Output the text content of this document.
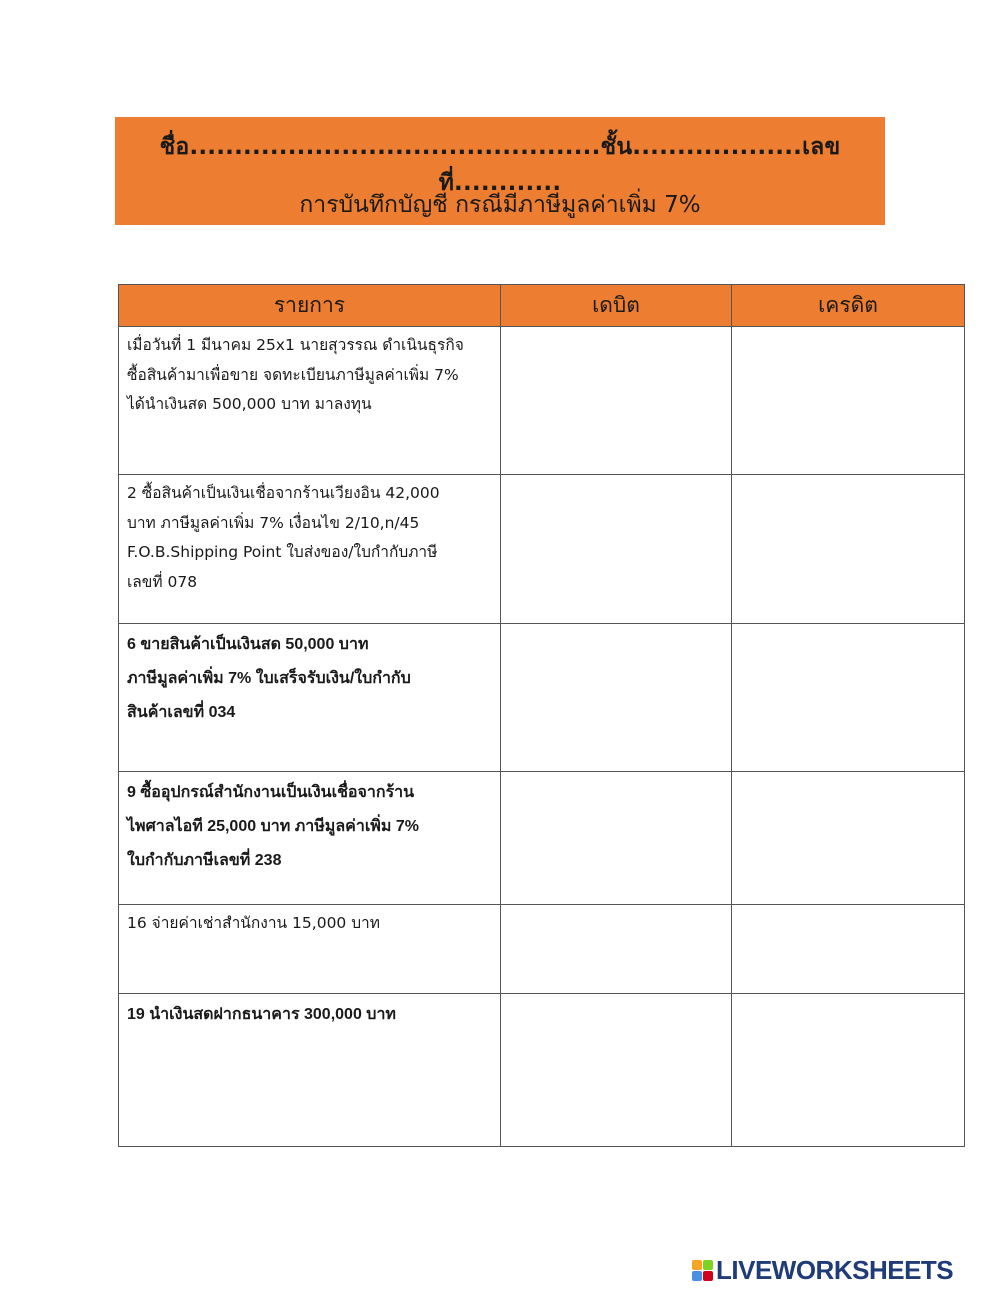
ชื่อ..............................................ชั้น...................เลขที่............
การบันทึกบัญชี กรณีมีภาษีมูลค่าเพิ่ม 7%
รายการ	เดบิต	เครดิต

เมื่อวันที่ 1 มีนาคม 25x1 นายสุวรรณ ดำเนินธุรกิจ
ซื้อสินค้ามาเพื่อขาย จดทะเบียนภาษีมูลค่าเพิ่ม 7%
ได้นำเงินสด 500,000 บาท มาลงทุน		

2 ซื้อสินค้าเป็นเงินเชื่อจากร้านเวียงอิน 42,000
บาท ภาษีมูลค่าเพิ่ม 7% เงื่อนไข 2/10,n/45
F.O.B.Shipping Point ใบส่งของ/ใบกำกับภาษี
เลขที่ 078		

6 ขายสินค้าเป็นเงินสด 50,000 บาท
ภาษีมูลค่าเพิ่ม 7% ใบเสร็จรับเงิน/ใบกำกับ
สินค้าเลขที่ 034		

9 ซื้ออุปกรณ์สำนักงานเป็นเงินเชื่อจากร้าน
ไพศาลไอที 25,000 บาท ภาษีมูลค่าเพิ่ม 7%
ใบกำกับภาษีเลขที่ 238		

16 จ่ายค่าเช่าสำนักงาน 15,000 บาท		

19 นำเงินสดฝากธนาคาร 300,000 บาท		

LIVEWORKSHEETS
